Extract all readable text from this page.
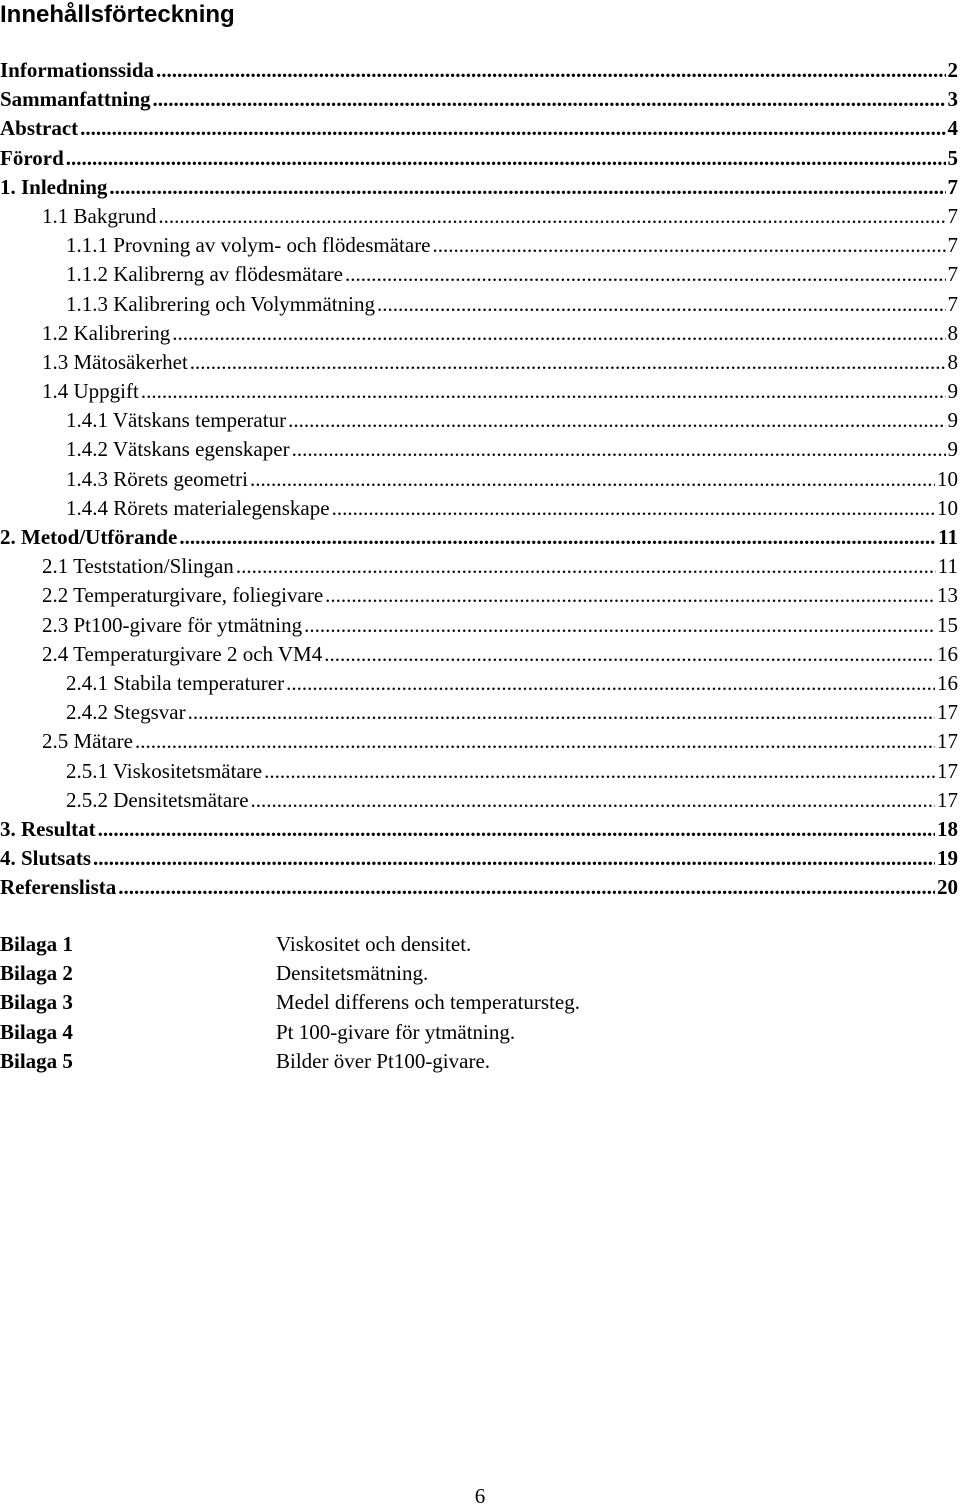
Innehållsförteckning
Informationssida .....	2
Sammanfattning .....	3
Abstract .....	4
Förord .....	5
1. Inledning .....	7
1.1 Bakgrund .....	7
1.1.1 Provning av volym- och flödesmätare .....	7
1.1.2 Kalibrerng av flödesmätare .....	7
1.1.3 Kalibrering och Volymmätning .....	7
1.2 Kalibrering .....	8
1.3 Mätosäkerhet .....	8
1.4 Uppgift .....	9
1.4.1 Vätskans temperatur .....	9
1.4.2 Vätskans egenskaper .....	9
1.4.3 Rörets geometri .....	10
1.4.4 Rörets materialegenskape .....	10
2. Metod/Utförande .....	11
2.1 Teststation/Slingan .....	11
2.2 Temperaturgivare, foliegivare .....	13
2.3 Pt100-givare för ytmätning .....	15
2.4 Temperaturgivare 2 och VM4 .....	16
2.4.1 Stabila temperaturer .....	16
2.4.2 Stegsvar .....	17
2.5 Mätare .....	17
2.5.1 Viskositetsmätare .....	17
2.5.2 Densitetsmätare .....	17
3. Resultat .....	18
4. Slutsats .....	19
Referenslista .....	20
Bilaga 1	Viskositet och densitet.
Bilaga 2	Densitetsmätning.
Bilaga 3	Medel differens och temperatursteg.
Bilaga 4	Pt 100-givare för ytmätning.
Bilaga 5	Bilder över Pt100-givare.
6
